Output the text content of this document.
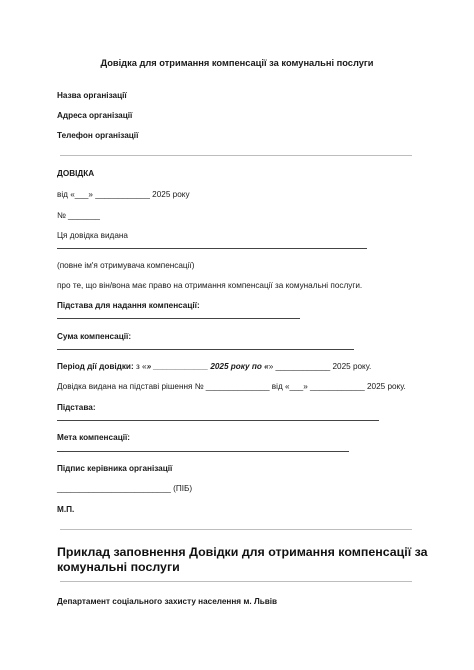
Довідка для отримання компенсації за комунальні послуги
Назва організації
Адреса організації
Телефон організації
ДОВІДКА
від «___» ____________ 2025 року
№ _______
Ця довідка видана
(повне ім'я отримувача компенсації)
про те, що він/вона має право на отримання компенсації за комунальні послуги.
Підстава для надання компенсації:
Сума компенсації:
Період дії довідки: з «» ____________ 2025 року по «» ____________ 2025 року.
Довідка видана на підставі рішення № ______________ від «___» ____________ 2025 року.
Підстава:
Мета компенсації:
Підпис керівника організації
_________________________ (ПІБ)
М.П.
Приклад заповнення Довідки для отримання компенсації за
комунальні послуги
Департамент соціального захисту населення м. Львів
